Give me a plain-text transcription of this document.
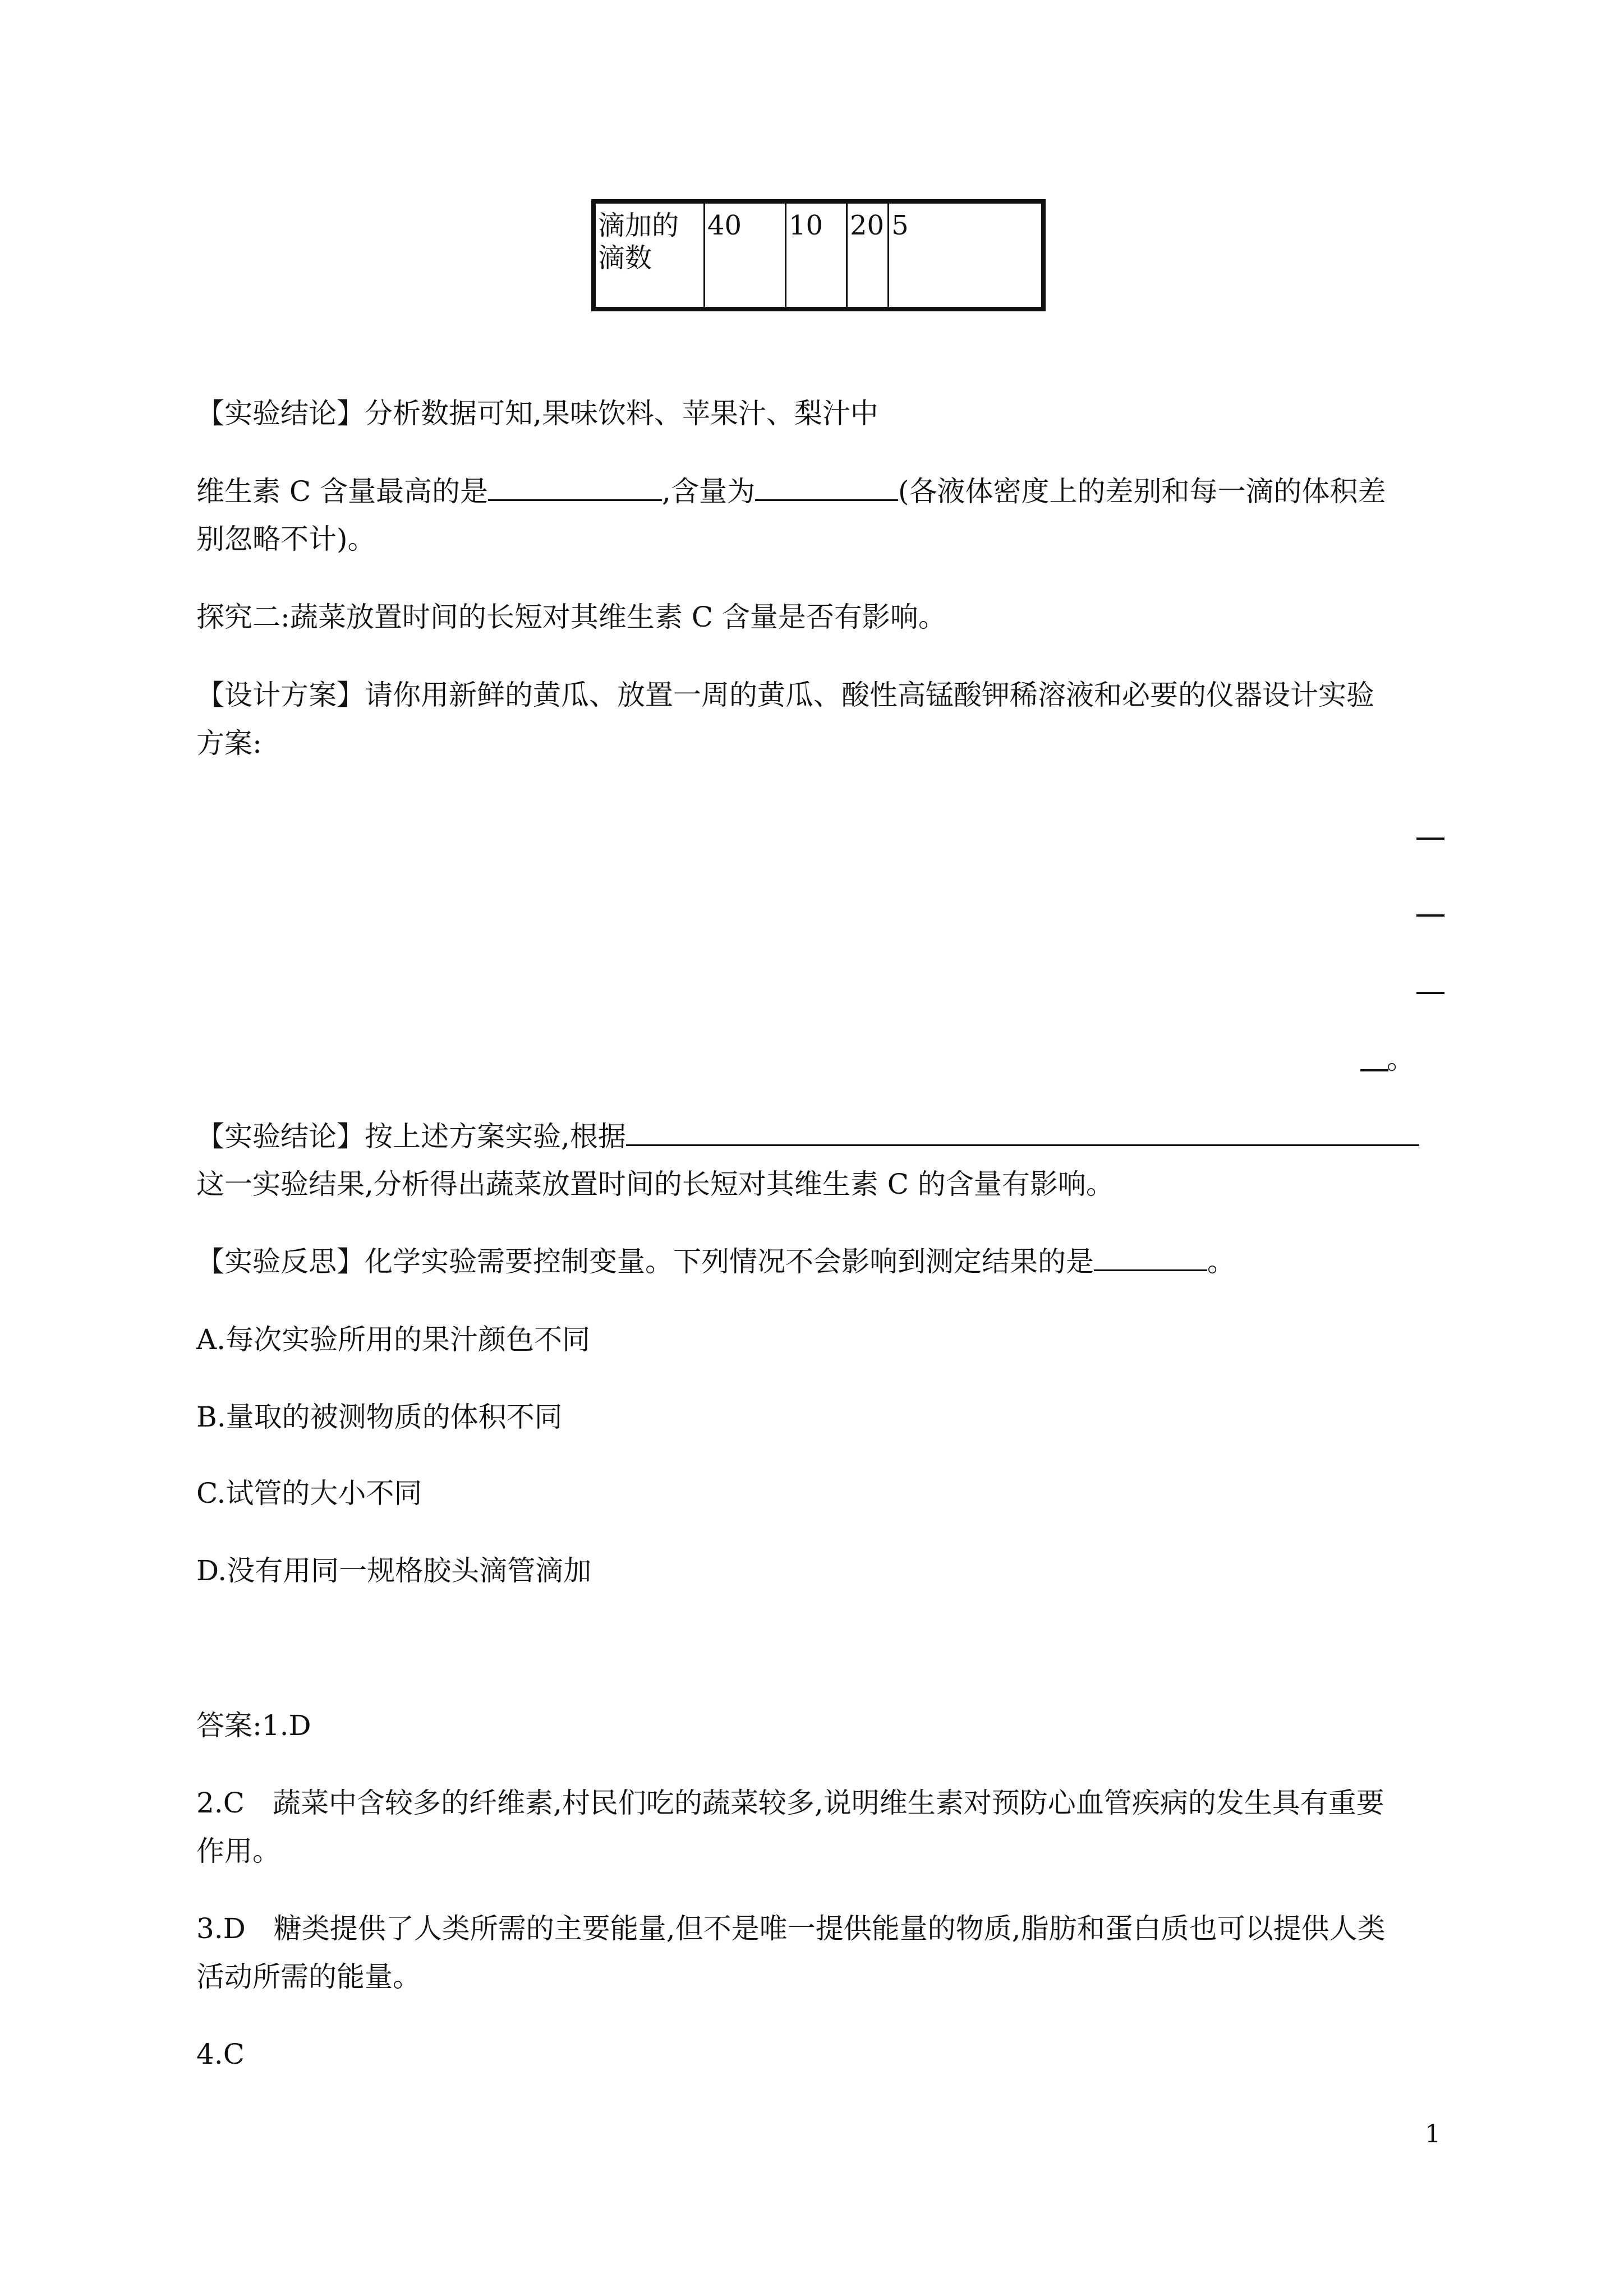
滴加的滴数	40	10	20	5
【实验结论】分析数据可知,果味饮料、苹果汁、梨汁中
维生素 C 含量最高的是	,含量为	(各液体密度上的差别和每一滴的体积差
别忽略不计)。
探究二:蔬菜放置时间的长短对其维生素 C 含量是否有影响。
【设计方案】请你用新鲜的黄瓜、放置一周的黄瓜、酸性高锰酸钾稀溶液和必要的仪器设计实验
方案:
。
【实验结论】按上述方案实验,根据
这一实验结果,分析得出蔬菜放置时间的长短对其维生素 C 的含量有影响。
【实验反思】化学实验需要控制变量。下列情况不会影响到测定结果的是	。
A.每次实验所用的果汁颜色不同
B.量取的被测物质的体积不同
C.试管的大小不同
D.没有用同一规格胶头滴管滴加
答案:1.D
2.C　蔬菜中含较多的纤维素,村民们吃的蔬菜较多,说明维生素对预防心血管疾病的发生具有重要
作用。
3.D　糖类提供了人类所需的主要能量,但不是唯一提供能量的物质,脂肪和蛋白质也可以提供人类
活动所需的能量。
4.C
1
